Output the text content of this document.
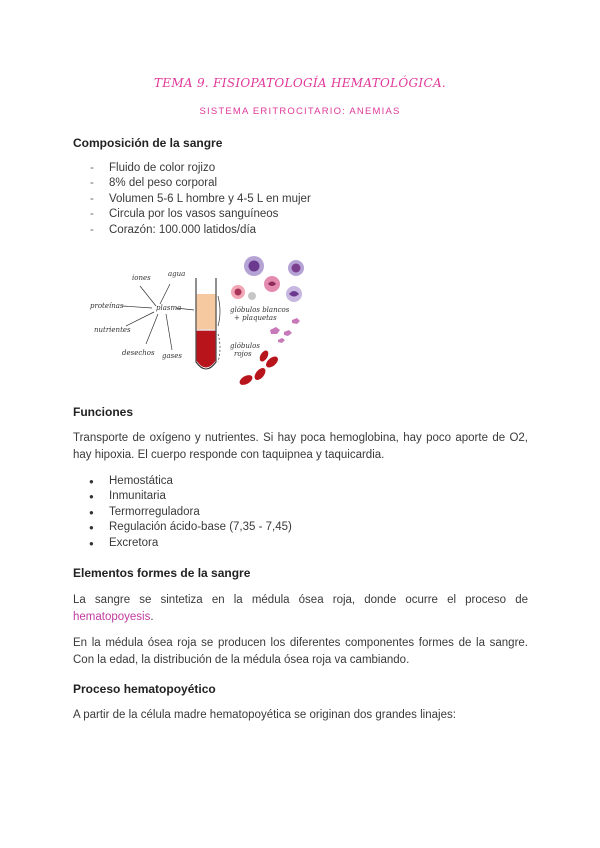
TEMA 9. FISIOPATOLOGÍA HEMATOLÓGICA.
SISTEMA ERITROCITARIO: ANEMIAS
Composición de la sangre
- Fluido de color rojizo
- 8% del peso corporal
- Volumen 5-6 L hombre y 4-5 L en mujer
- Circula por los vasos sanguíneos
- Corazón: 100.000 latidos/día
iones agua
proteínas	plasma
nutrientes
desechos gases
glóbulos blancos
+ plaquetas
glóbulos
rojos
Funciones
Transporte de oxígeno y nutrientes. Si hay poca hemoglobina, hay poco aporte de O2, hay hipoxia. El cuerpo responde con taquipnea y taquicardia.
● Hemostática
● Inmunitaria
● Termorreguladora
● Regulación ácido-base (7,35 - 7,45)
● Excretora
Elementos formes de la sangre
La sangre se sintetiza en la médula ósea roja, donde ocurre el proceso de hematopoyesis.
En la médula ósea roja se producen los diferentes componentes formes de la sangre. Con la edad, la distribución de la médula ósea roja va cambiando.
Proceso hematopoyético
A partir de la célula madre hematopoyética se originan dos grandes linajes:
